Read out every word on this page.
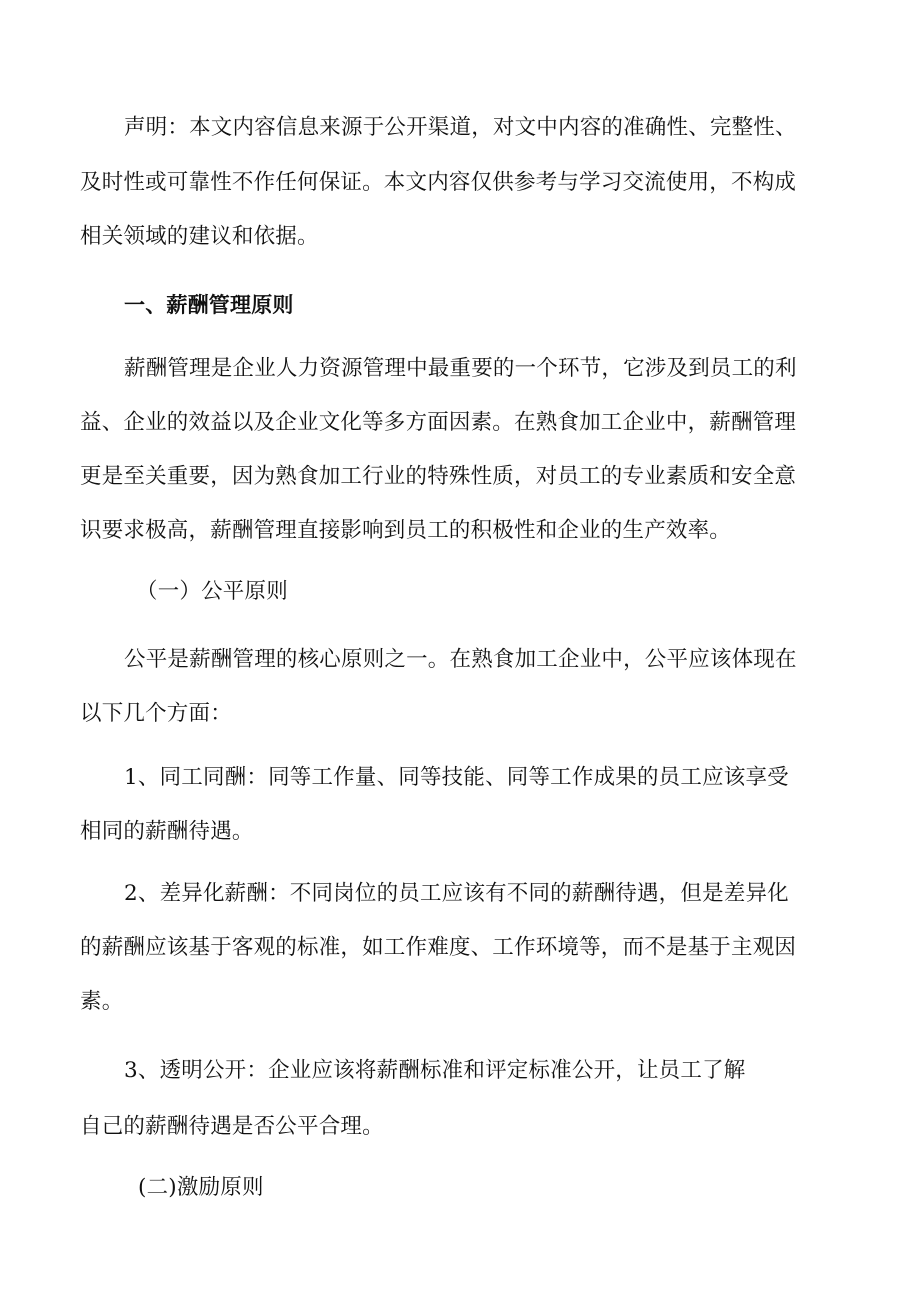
声明：本文内容信息来源于公开渠道，对文中内容的准确性、完整性、
及时性或可靠性不作任何保证。本文内容仅供参考与学习交流使用，不构成
相关领域的建议和依据。
一、薪酬管理原则
薪酬管理是企业人力资源管理中最重要的一个环节，它涉及到员工的利
益、企业的效益以及企业文化等多方面因素。在熟食加工企业中，薪酬管理
更是至关重要，因为熟食加工行业的特殊性质，对员工的专业素质和安全意
识要求极高，薪酬管理直接影响到员工的积极性和企业的生产效率。
（一）公平原则
公平是薪酬管理的核心原则之一。在熟食加工企业中，公平应该体现在
以下几个方面：
1、同工同酬：同等工作量、同等技能、同等工作成果的员工应该享受
相同的薪酬待遇。
2、差异化薪酬：不同岗位的员工应该有不同的薪酬待遇，但是差异化
的薪酬应该基于客观的标准，如工作难度、工作环境等，而不是基于主观因
素。
3、透明公开：企业应该将薪酬标准和评定标准公开，让员工了解
自己的薪酬待遇是否公平合理。
(二)激励原则
